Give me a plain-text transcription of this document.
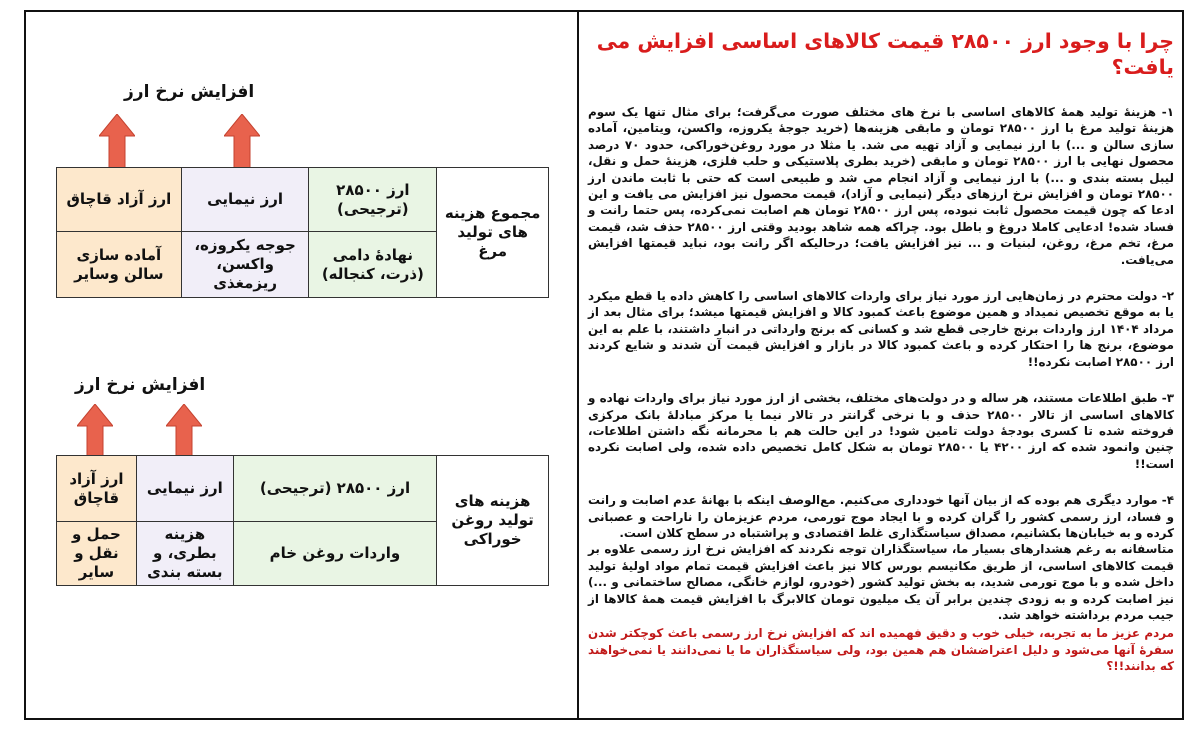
چرا با وجود ارز ۲۸۵۰۰ قیمت کالاهای اساسی افزایش می یافت؟

۱- هزینهٔ تولید همهٔ کالاهای اساسی با نرخ های مختلف صورت می‌گرفت؛ برای مثال تنها یک سوم هزینهٔ تولید مرغ با ارز ۲۸۵۰۰ تومان و مابقی هزینه‌ها (خرید جوجهٔ یکروزه، واکسن، ویتامین، آماده سازی سالن و ...) با ارز نیمایی و آزاد تهیه می شد. یا مثلا در مورد روغن‌خوراکی، حدود ۷۰ درصد محصول نهایی با ارز ۲۸۵۰۰ تومان و مابقی (خرید بطری پلاستیکی و حلب فلزی، هزینهٔ حمل و نقل، لیبل بسته بندی و ...) با ارز نیمایی و آزاد انجام می شد و طبیعی است که حتی با ثابت ماندن ارز ۲۸۵۰۰ تومان و افزایش نرخ ارزهای دیگر (نیمایی و آزاد)، قیمت محصول نیز افزایش می یافت و این ادعا که چون قیمت محصول ثابت نبوده، پس ارز ۲۸۵۰۰ تومان هم اصابت نمی‌کرده، پس حتما رانت و فساد شده! ادعایی کاملا دروغ و باطل بود. چراکه همه شاهد بودید وقتی ارز ۲۸۵۰۰ حذف شد، قیمت مرغ، تخم مرغ، روغن، لبنیات و ... نیز افزایش یافت؛ درحالیکه اگر رانت بود، نباید قیمتها افزایش می‌یافت.

۲- دولت محترم در زمان‌هایی ارز مورد نیاز برای واردات کالاهای اساسی را کاهش داده یا قطع میکرد یا به موقع تخصیص نمیداد و همین موضوع باعث کمبود کالا و افزایش قیمتها میشد؛ برای مثال بعد از مرداد ۱۴۰۴ ارز واردات برنج خارجی قطع شد و کسانی که برنج وارداتی در انبار داشتند، با علم به این موضوع، برنج ها را احتکار کرده و باعث کمبود کالا در بازار و افزایش قیمت آن شدند و شایع کردند ارز ۲۸۵۰۰ اصابت نکرده!!

۳- طبق اطلاعات مستند، هر ساله و در دولت‌های مختلف، بخشی از ارز مورد نیاز برای واردات نهاده و کالاهای اساسی از تالار ۲۸۵۰۰ حذف و با نرخی گرانتر در تالار نیما یا مرکز مبادلهٔ بانک مرکزی فروخته شده تا کسری بودجهٔ دولت تامین شود! در این حالت هم با محرمانه نگه داشتن اطلاعات، چنین وانمود شده که ارز ۴۲۰۰ یا ۲۸۵۰۰ تومان به شکل کامل تخصیص داده شده، ولی اصابت نکرده است!!

۴- موارد دیگری هم بوده که از بیان آنها خودداری می‌کنیم. مع‌الوصف اینکه با بهانهٔ عدم اصابت و رانت و فساد، ارز رسمی کشور را گران کرده و با ایجاد موج تورمی، مردم عزیزمان را ناراحت و عصبانی کرده و به خیابان‌ها بکشانیم، مصداق سیاستگذاری غلط اقتصادی و پراشتباه در سطح کلان است.

متاسفانه به رغم هشدارهای بسیار ما، سیاستگذاران توجه نکردند که افزایش نرخ ارز رسمی علاوه بر قیمت کالاهای اساسی، از طریق مکانیسم بورس کالا نیز باعث افزایش قیمت تمام مواد اولیهٔ تولید داخل شده و با موج تورمی شدید، به بخش تولید کشور (خودرو، لوازم خانگی، مصالح ساختمانی و ...) نیز اصابت کرده و به زودی چندین برابر آن یک میلیون تومان کالابرگ با افزایش قیمت همهٔ کالاها از جیب مردم برداشته خواهد شد.

مردم عزیز ما به تجربه، خیلی خوب و دقیق فهمیده اند که افزایش نرخ ارز رسمی باعث کوچکتر شدن سفرهٔ آنها می‌شود و دلیل اعتراضشان هم همین بود، ولی سیاستگذاران ما یا نمی‌دانند یا نمی‌خواهند که بدانند!!؟

افزایش نرخ ارز
مجموع هزینه های تولید مرغ	ارز ۲۸۵۰۰ (ترجیحی)	ارز نیمایی	ارز آزاد قاچاق
	نهادهٔ دامی (ذرت، کنجاله)	جوجه یکروزه، واکسن، ریزمغذی	آماده سازی سالن وسایر
افزایش نرخ ارز
هزینه های تولید روغن خوراکی	ارز ۲۸۵۰۰ (ترجیحی)	ارز نیمایی	ارز آزاد قاچاق
	واردات روغن خام	هزینه بطری، و بسته بندی	حمل و نقل و سایر
